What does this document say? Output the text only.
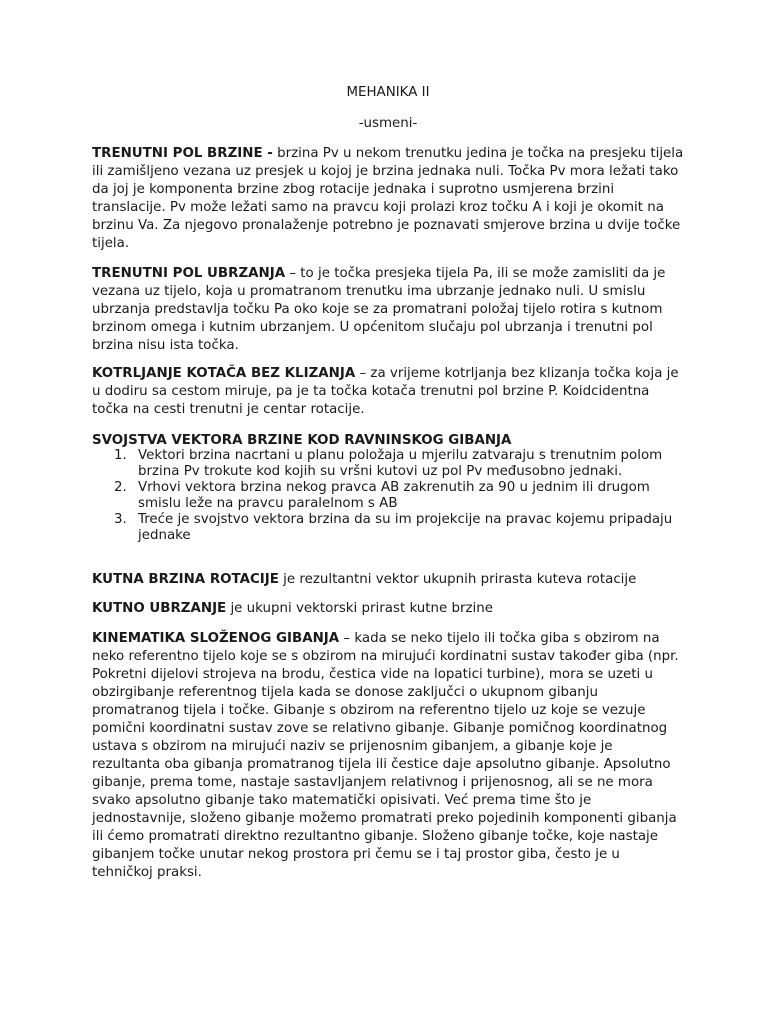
MEHANIKA II
-usmeni-

TRENUTNI POL BRZINE - brzina Pv u nekom trenutku jedina je točka na presjeku tijela ili zamišljeno vezana uz presjek u kojoj je brzina jednaka nuli. Točka Pv mora ležati tako da joj je komponenta brzine zbog rotacije jednaka i suprotno usmjerena brzini translacije. Pv može ležati samo na pravcu koji prolazi kroz točku A i koji je okomit na brzinu Va. Za njegovo pronalaženje potrebno je poznavati smjerove brzina u dvije točke tijela.

TRENUTNI POL UBRZANJA – to je točka presjeka tijela Pa, ili se može zamisliti da je vezana uz tijelo, koja u promatranom trenutku ima ubrzanje jednako nuli. U smislu ubrzanja predstavlja točku Pa oko koje se za promatrani položaj tijelo rotira s kutnom brzinom omega i kutnim ubrzanjem. U općenitom slučaju pol ubrzanja i trenutni pol brzina nisu ista točka.

KOTRLJANJE KOTAČA BEZ KLIZANJA – za vrijeme kotrljanja bez klizanja točka koja je u dodiru sa cestom miruje, pa je ta točka kotača trenutni pol brzine P. Koidcidentna točka na cesti trenutni je centar rotacije.

SVOJSTVA VEKTORA BRZINE KOD RAVNINSKOG GIBANJA

1. Vektori brzina nacrtani u planu položaja u mjerilu zatvaraju s trenutnim polom brzina Pv trokute kod kojih su vršni kutovi uz pol Pv međusobno jednaki.
2. Vrhovi vektora brzina nekog pravca AB zakrenutih za 90 u jednim ili drugom smislu leže na pravcu paralelnom s AB
3. Treće je svojstvo vektora brzina da su im projekcije na pravac kojemu pripadaju jednake

KUTNA BRZINA ROTACIJE je rezultantni vektor ukupnih prirasta kuteva rotacije

KUTNO UBRZANJE je ukupni vektorski prirast kutne brzine

KINEMATIKA SLOŽENOG GIBANJA – kada se neko tijelo ili točka giba s obzirom na neko referentno tijelo koje se s obzirom na mirujući kordinatni sustav također giba (npr. Pokretni dijelovi strojeva na brodu, čestica vide na lopatici turbine), mora se uzeti u obzirgibanje referentnog tijela kada se donose zaključci o ukupnom gibanju promatranog tijela i točke. Gibanje s obzirom na referentno tijelo uz koje se vezuje pomični koordinatni sustav zove se relativno gibanje. Gibanje pomičnog koordinatnog ustava s obzirom na mirujući naziv se prijenosnim gibanjem, a gibanje koje je rezultanta oba gibanja promatranog tijela ili čestice daje apsolutno gibanje. Apsolutno gibanje, prema tome, nastaje sastavljanjem relativnog i prijenosnog, ali se ne mora svako apsolutno gibanje tako matematički opisivati. Već prema time što je jednostavnije, složeno gibanje možemo promatrati preko pojedinih komponenti gibanja ili ćemo promatrati direktno rezultantno gibanje. Složeno gibanje točke, koje nastaje gibanjem točke unutar nekog prostora pri čemu se i taj prostor giba, često je u tehničkoj praksi.
